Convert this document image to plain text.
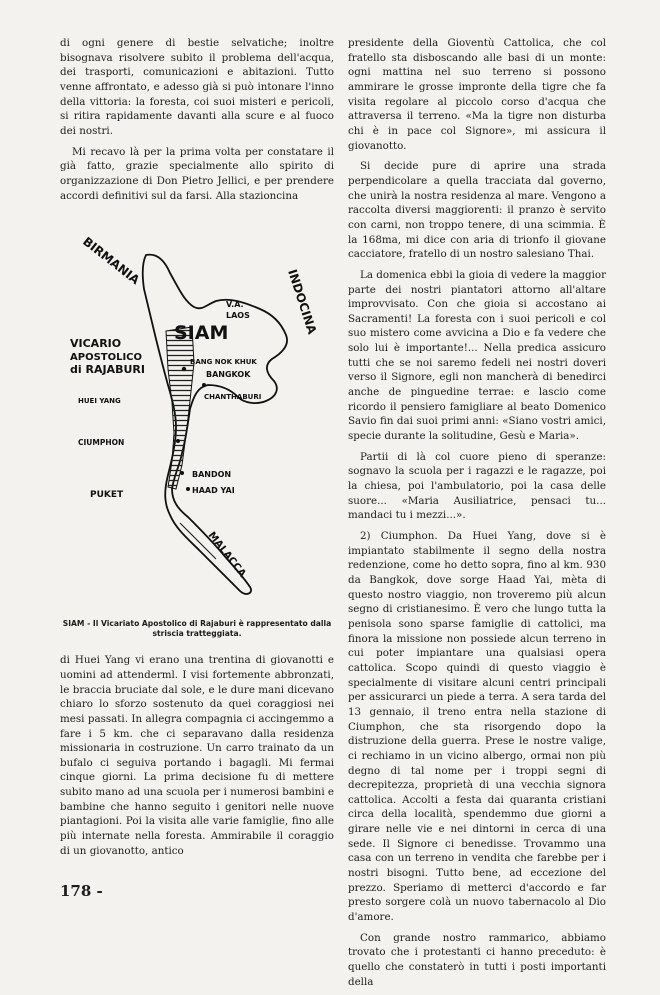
di ogni genere di bestie selvatiche; inoltre bisognava risolvere subito il problema dell'acqua, dei trasporti, comunicazioni e abitazioni. Tutto venne affrontato, e adesso già si può intonare l'inno della vittoria: la foresta, coi suoi misteri e pericoli, si ritira rapidamente davanti alla scure e al fuoco dei nostri.

Mi recavo là per la prima volta per constatare il già fatto, grazie specialmente allo spirito di organizzazione di Don Pietro Jellici, e per prendere accordi definitivi sul da farsi. Alla stazioncina

BIRMANIA
INDOCINA
V.A.
LAOS
SIAM
VICARIO
APOSTOLICO
di RAJABURI
BANG NOK KHUK
BANGKOK
HUEI YANG	CHANTHABURI
CIUMPHON
BANDON
HAAD YAI
PUKET
MALACCA
SIAM - Il Vicariato Apostolico di Rajaburi è rappresentato dalla striscia tratteggiata.

di Huei Yang vi erano una trentina di giovanotti e uomini ad attenderml. I visi fortemente abbronzati, le braccia bruciate dal sole, e le dure mani dicevano chiaro lo sforzo sostenuto da quei coraggiosi nei mesi passati. In allegra compagnia ci accingemmo a fare i 5 km. che ci separavano dalla residenza missionaria in costruzione. Un carro trainato da un bufalo ci seguiva portando i bagagli. Mi fermai cinque giorni. La prima decisione fu di mettere subito mano ad una scuola per i numerosi bambini e bambine che hanno seguito i genitori nelle nuove piantagioni. Poi la visita alle varie famiglie, fino alle più internate nella foresta. Ammirabile il coraggio di un giovanotto, antico

presidente della Gioventù Cattolica, che col fratello sta disboscando alle basi di un monte: ogni mattina nel suo terreno si possono ammirare le grosse impronte della tigre che fa visita regolare al piccolo corso d'acqua che attraversa il terreno. «Ma la tigre non disturba chi è in pace col Signore», mi assicura il giovanotto.

Si decide pure di aprire una strada perpendicolare a quella tracciata dal governo, che unirà la nostra residenza al mare. Vengono a raccolta diversi maggiorenti: il pranzo è servito con carni, non troppo tenere, di una scimmia. È la 168ma, mi dice con aria di trionfo il giovane cacciatore, fratello di un nostro salesiano Thai.

La domenica ebbi la gioia di vedere la maggior parte dei nostri piantatori attorno all'altare improvvisato. Con che gioia si accostano ai Sacramenti! La foresta con i suoi pericoli e col suo mistero come avvicina a Dio e fa vedere che solo lui è importante!... Nella predica assicuro tutti che se noi saremo fedeli nei nostri doveri verso il Signore, egli non mancherà di benedirci anche de pinguedine terrae: e lascio come ricordo il pensiero famigliare al beato Domenico Savio fin dai suoi primi anni: «Siano vostri amici, specie durante la solitudine, Gesù e Maria».

Partii di là col cuore pieno di speranze: sognavo la scuola per i ragazzi e le ragazze, poi la chiesa, poi l'ambulatorio, poi la casa delle suore... «Maria Ausiliatrice, pensaci tu... mandaci tu i mezzi...».

2) Ciumphon. Da Huei Yang, dove si è impiantato stabilmente il segno della nostra redenzione, come ho detto sopra, fino al km. 930 da Bangkok, dove sorge Haad Yai, mèta di questo nostro viaggio, non troveremo più alcun segno di cristianesimo. È vero che lungo tutta la penisola sono sparse famiglie di cattolici, ma finora la missione non possiede alcun terreno in cui poter impiantare una qualsiasi opera cattolica. Scopo quindi di questo viaggio è specialmente di visitare alcuni centri principali per assicurarci un piede a terra. A sera tarda del 13 gennaio, il treno entra nella stazione di Ciumphon, che sta risorgendo dopo la distruzione della guerra. Prese le nostre valige, ci rechiamo in un vicino albergo, ormai non più degno di tal nome per i troppi segni di decrepitezza, proprietà di una vecchia signora cattolica. Accolti a festa dai quaranta cristiani circa della località, spendemmo due giorni a girare nelle vie e nei dintorni in cerca di una sede. Il Signore ci benedisse. Trovammo una casa con un terreno in vendita che farebbe per i nostri bisogni. Tutto bene, ad eccezione del prezzo. Speriamo di metterci d'accordo e far presto sorgere colà un nuovo tabernacolo al Dio d'amore.

Con grande nostro rammarico, abbiamo trovato che i protestanti ci hanno preceduto: è quello che constaterò in tutti i posti importanti della

178 -
